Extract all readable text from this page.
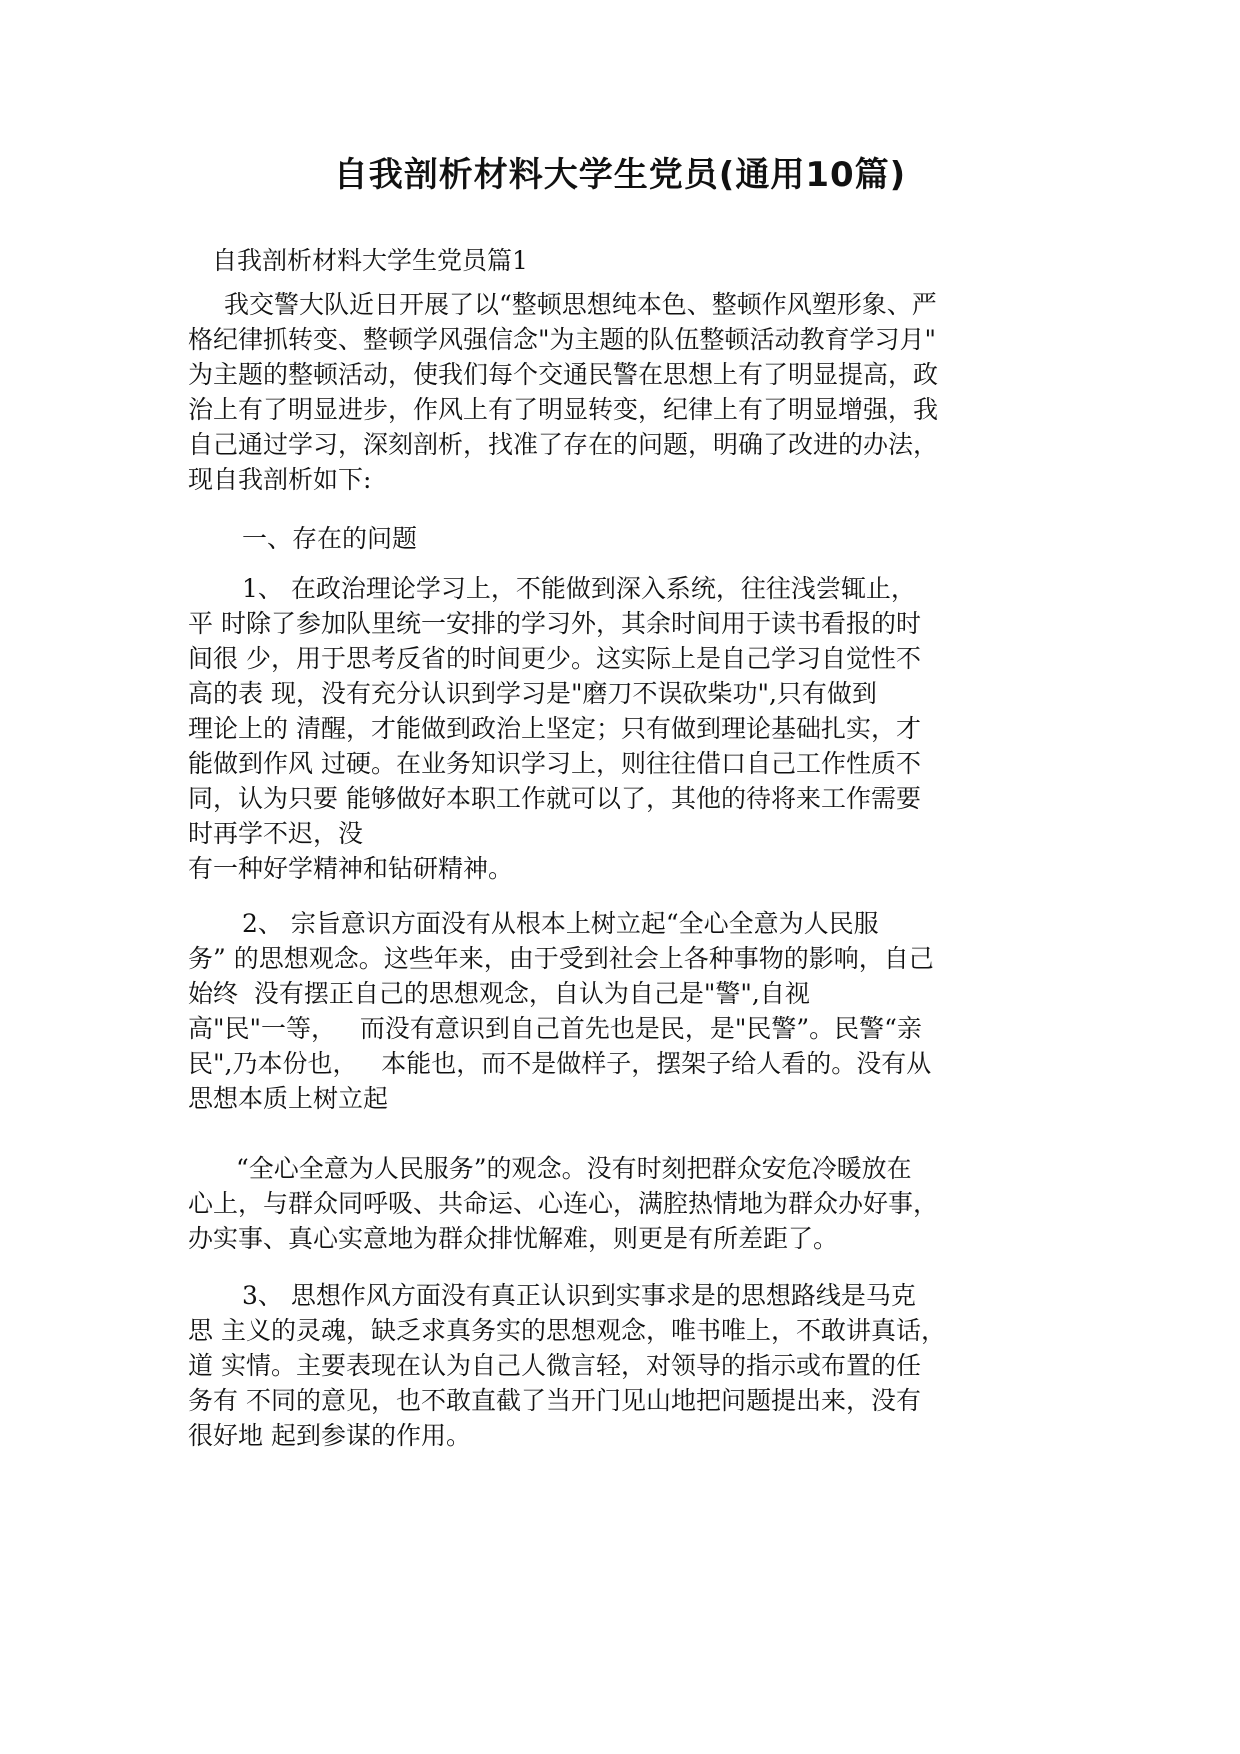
自我剖析材料大学生党员(通用10篇)

自我剖析材料大学生党员篇1

我交警大队近日开展了以“整顿思想纯本色、整顿作风塑形象、严

格纪律抓转变、整顿学风强信念"为主题的队伍整顿活动教育学习月"

为主题的整顿活动，使我们每个交通民警在思想上有了明显提高，政

治上有了明显进步，作风上有了明显转变，纪律上有了明显增强，我

自己通过学习，深刻剖析，找准了存在的问题，明确了改进的办法，

现自我剖析如下:

一、存在的问题

1、 在政治理论学习上，不能做到深入系统，往往浅尝辄止，

平 时除了参加队里统一安排的学习外，其余时间用于读书看报的时

间很 少，用于思考反省的时间更少。这实际上是自己学习自觉性不

高的表 现，没有充分认识到学习是"磨刀不误砍柴功",只有做到

理论上的 清醒，才能做到政治上坚定；只有做到理论基础扎实，才

能做到作风 过硬。在业务知识学习上，则往往借口自己工作性质不

同，认为只要 能够做好本职工作就可以了，其他的待将来工作需要

时再学不迟，没

有一种好学精神和钻研精神。

2、 宗旨意识方面没有从根本上树立起“全心全意为人民服

务” 的思想观念。这些年来，由于受到社会上各种事物的影响，自己

始终  没有摆正自己的思想观念，自认为自己是"警",自视

高"民"一等，   而没有意识到自己首先也是民，是"民警”。民警“亲

民",乃本份也，   本能也，而不是做样子，摆架子给人看的。没有从

思想本质上树立起

“全心全意为人民服务”的观念。没有时刻把群众安危冷暖放在

心上，与群众同呼吸、共命运、心连心，满腔热情地为群众办好事，

办实事、真心实意地为群众排忧解难，则更是有所差距了。

3、 思想作风方面没有真正认识到实事求是的思想路线是马克

思 主义的灵魂，缺乏求真务实的思想观念，唯书唯上，不敢讲真话，

道 实情。主要表现在认为自己人微言轻，对领导的指示或布置的任

务有 不同的意见，也不敢直截了当开门见山地把问题提出来，没有

很好地 起到参谋的作用。
